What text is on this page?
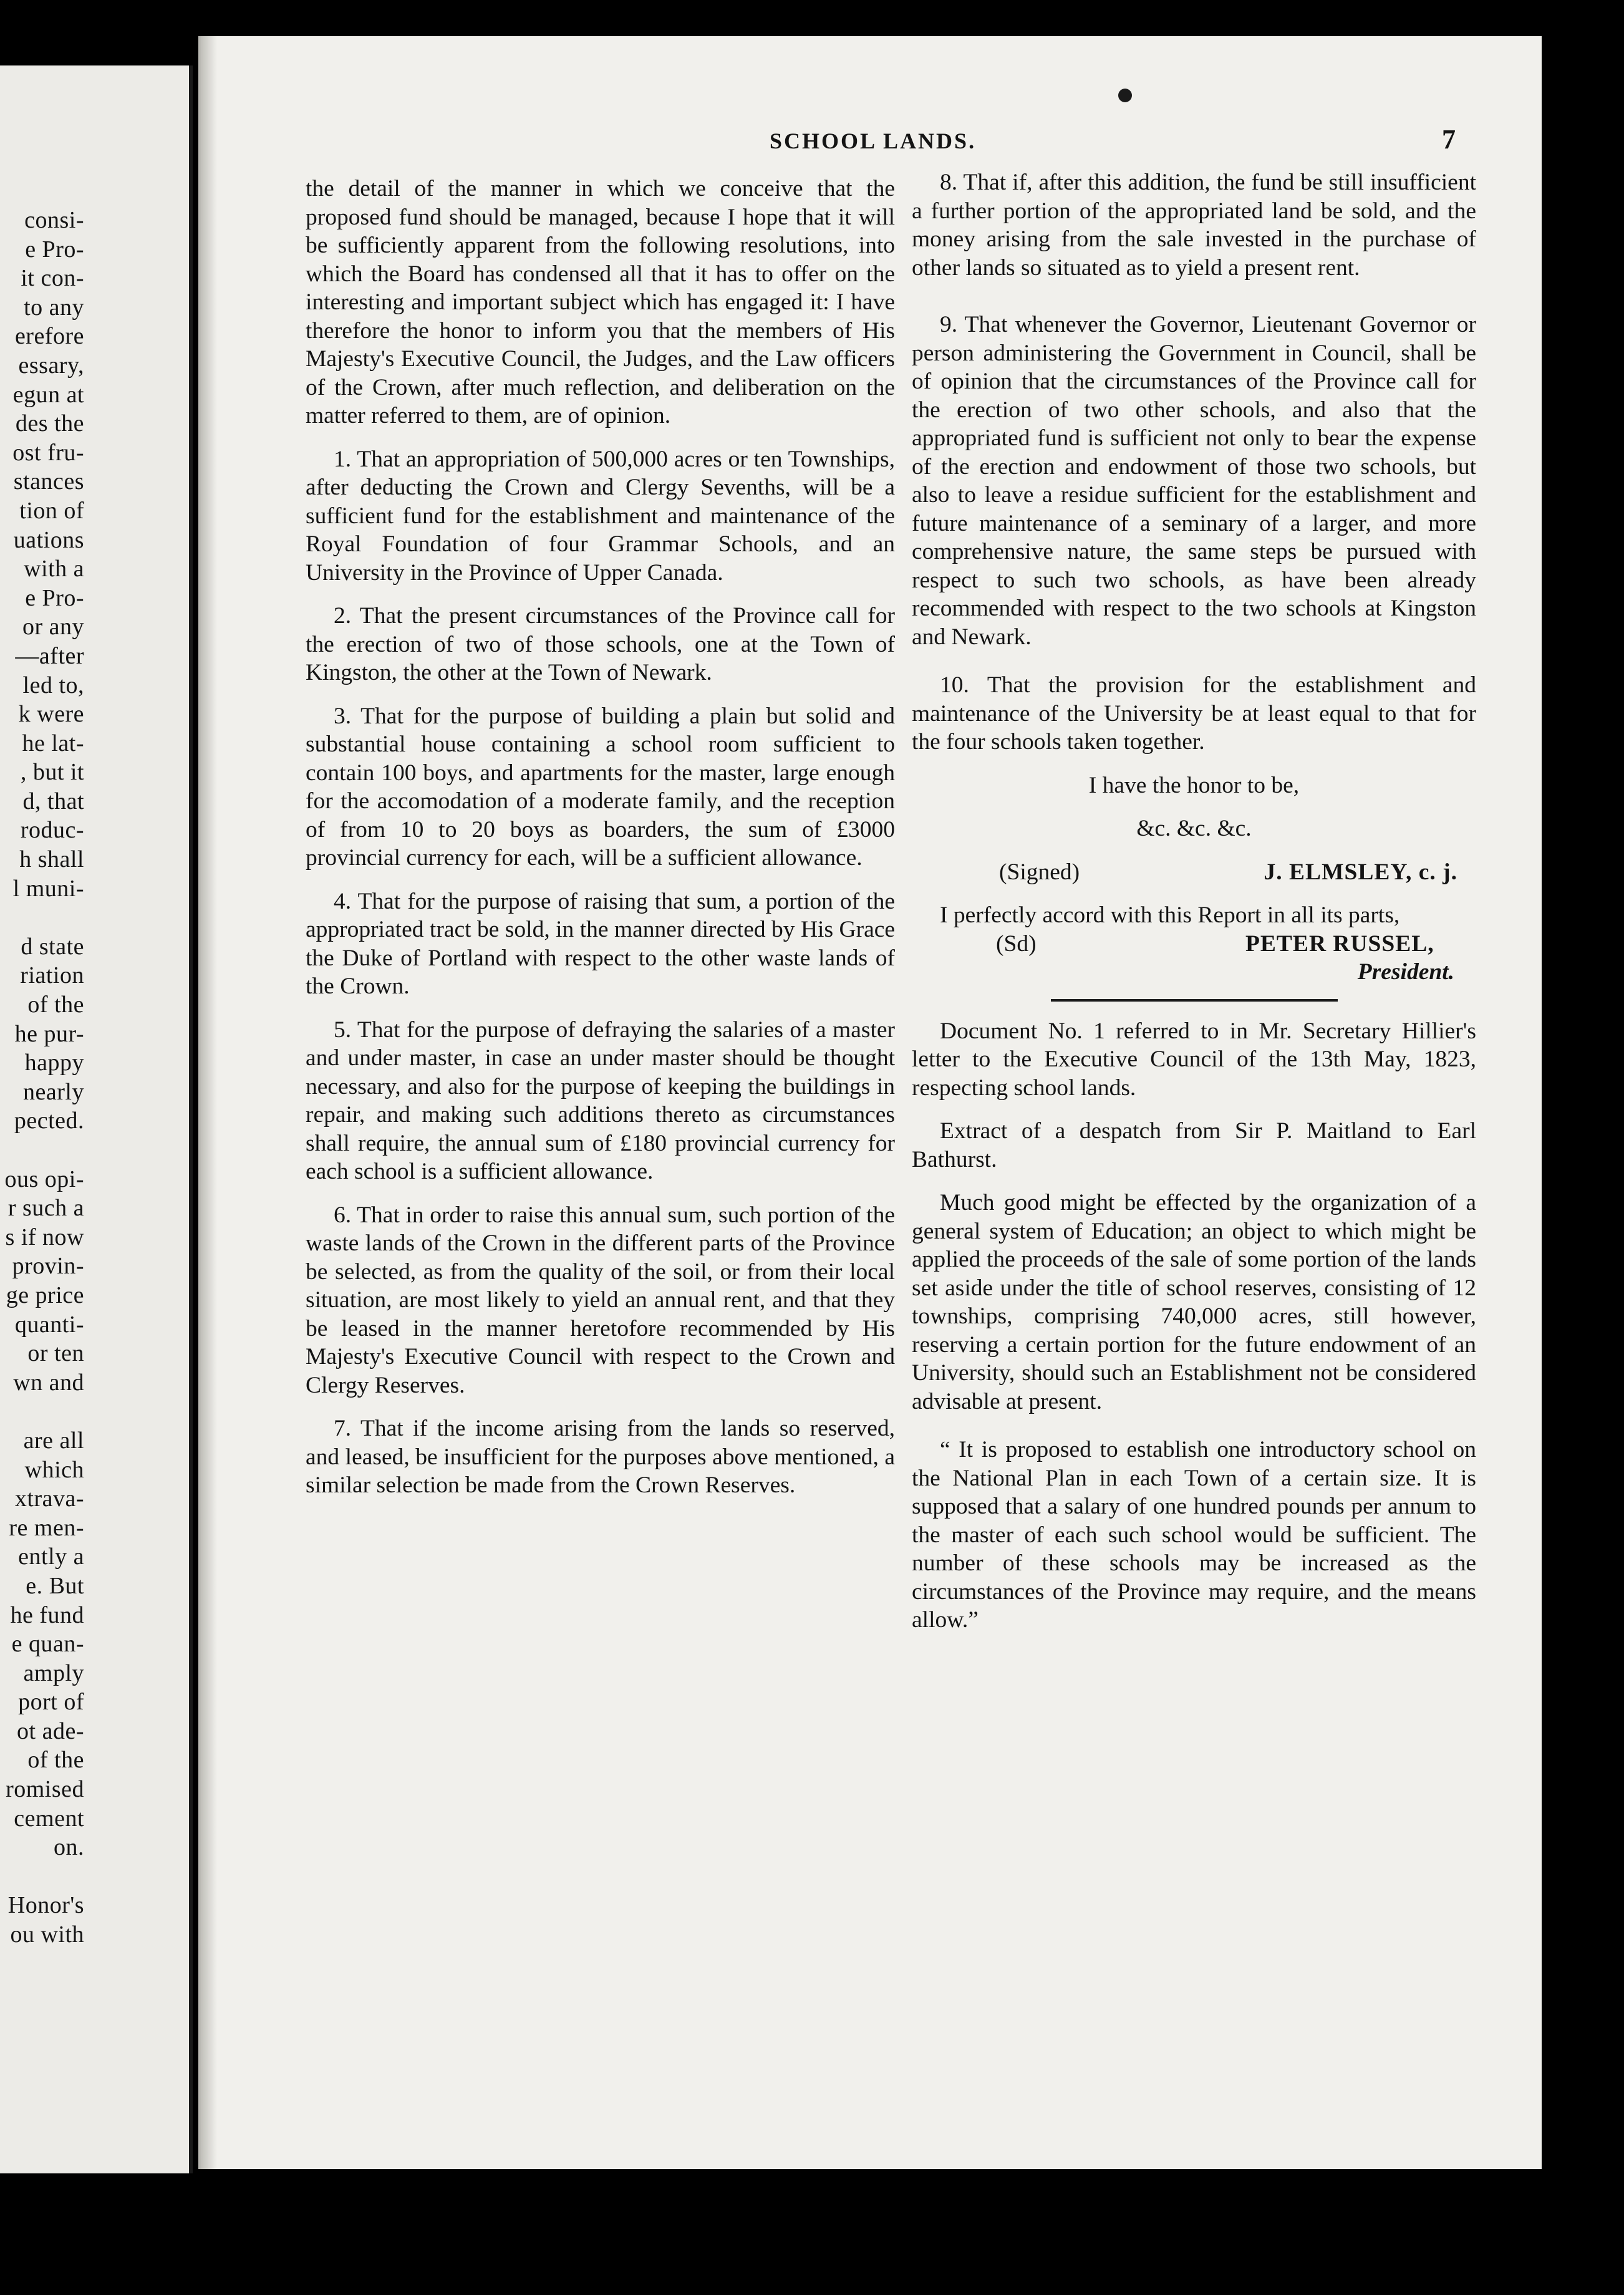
consi-
e Pro-
it con-
to any
erefore
essary,
egun at
des the
ost fru-
stances
tion of
uations
with a
e Pro-
or any
—after
led to,
k were
he lat-
, but it
d, that
roduc-
h shall
l muni-
d state
riation
of the
he pur-
happy
nearly
pected.
ous opi-
r such a
s if now
provin-
ge price
quanti-
or ten
wn and
are all
which
xtrava-
re men-
ently a
e. But
he fund
e quan-
amply
port of
ot ade-
of the
romised
cement
on.
Honor's
ou with
SCHOOL LANDS.	7

the detail of the manner in which we conceive that the proposed fund should be managed, because I hope that it will be sufficiently apparent from the following resolutions, into which the Board has condensed all that it has to offer on the interesting and important subject which has engaged it: I have therefore the honor to inform you that the members of His Majesty's Executive Council, the Judges, and the Law officers of the Crown, after much reflection, and deliberation on the matter referred to them, are of opinion.

1. That an appropriation of 500,000 acres or ten Townships, after deducting the Crown and Clergy Sevenths, will be a sufficient fund for the establishment and maintenance of the Royal Foundation of four Grammar Schools, and an University in the Province of Upper Canada.

2. That the present circumstances of the Province call for the erection of two of those schools, one at the Town of Kingston, the other at the Town of Newark.

3. That for the purpose of building a plain but solid and substantial house containing a school room sufficient to contain 100 boys, and apartments for the master, large enough for the accomodation of a moderate family, and the reception of from 10 to 20 boys as boarders, the sum of £3000 provincial currency for each, will be a sufficient allowance.

4. That for the purpose of raising that sum, a portion of the appropriated tract be sold, in the manner directed by His Grace the Duke of Portland with respect to the other waste lands of the Crown.

5. That for the purpose of defraying the salaries of a master and under master, in case an under master should be thought necessary, and also for the purpose of keeping the buildings in repair, and making such additions thereto as circumstances shall require, the annual sum of £180 provincial currency for each school is a sufficient allowance.

6. That in order to raise this annual sum, such portion of the waste lands of the Crown in the different parts of the Province be selected, as from the quality of the soil, or from their local situation, are most likely to yield an annual rent, and that they be leased in the manner heretofore recommended by His Majesty's Executive Council with respect to the Crown and Clergy Reserves.

7. That if the income arising from the lands so reserved, and leased, be insufficient for the purposes above mentioned, a similar selection be made from the Crown Reserves.

8. That if, after this addition, the fund be still insufficient a further portion of the appropriated land be sold, and the money arising from the sale invested in the purchase of other lands so situated as to yield a present rent.

9. That whenever the Governor, Lieutenant Governor or person administering the Government in Council, shall be of opinion that the circumstances of the Province call for the erection of two other schools, and also that the appropriated fund is sufficient not only to bear the expense of the erection and endowment of those two schools, but also to leave a residue sufficient for the establishment and future maintenance of a seminary of a larger, and more comprehensive nature, the same steps be pursued with respect to such two schools, as have been already recommended with respect to the two schools at Kingston and Newark.

10. That the provision for the establishment and maintenance of the University be at least equal to that for the four schools taken together.

I have the honor to be,

&c. &c. &c.

(Signed)	J. ELMSLEY, c. j.

I perfectly accord with this Report in all its parts,

(Sd)	PETER RUSSEL,
President.

Document No. 1 referred to in Mr. Secretary Hillier's letter to the Executive Council of the 13th May, 1823, respecting school lands.

Extract of a despatch from Sir P. Maitland to Earl Bathurst.

Much good might be effected by the organization of a general system of Education; an object to which might be applied the proceeds of the sale of some portion of the lands set aside under the title of school reserves, consisting of 12 townships, comprising 740,000 acres, still however, reserving a certain portion for the future endowment of an University, should such an Establishment not be considered advisable at present.

“ It is proposed to establish one introductory school on the National Plan in each Town of a certain size. It is supposed that a salary of one hundred pounds per annum to the master of each such school would be sufficient. The number of these schools may be increased as the circumstances of the Province may require, and the means allow.”
